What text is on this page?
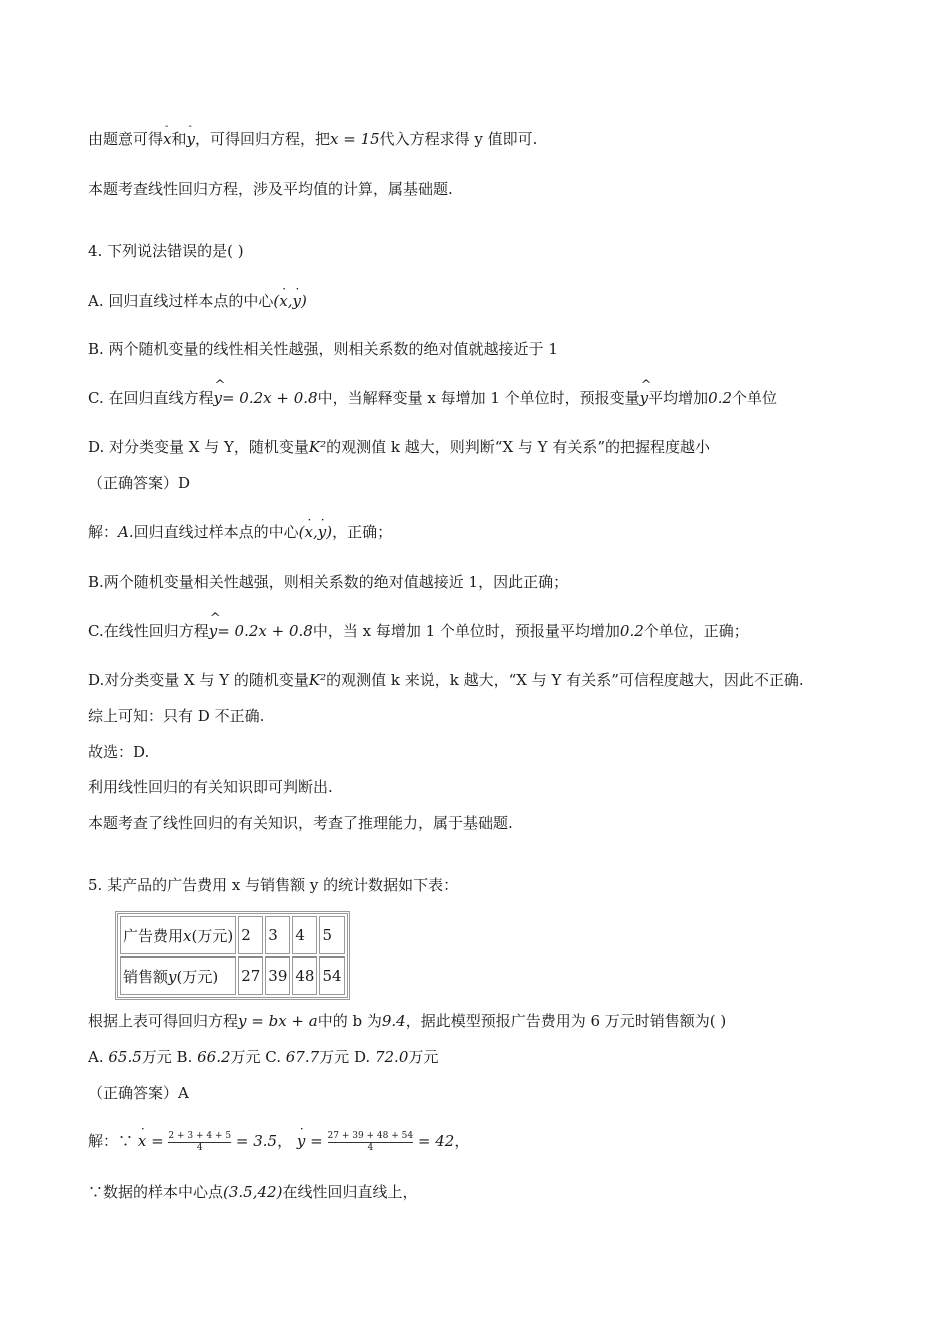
由题意可得- x和- y，可得回归方程，把x = 15代入方程求得 y 值即可.
本题考查线性回归方程，涉及平均值的计算，属基础题.
4. 下列说法错误的是( )
A. 回归直线过样本点的中心(· x,· y)
B. 两个随机变量的线性相关性越强，则相关系数的绝对值就越接近于 1
C. 在回归直线方程^ y= 0.2x + 0.8中，当解释变量 x 每增加 1 个单位时，预报变量^ y平均增加0.2个单位
D. 对分类变量 X 与 Y，随机变量K²的观测值 k 越大，则判断“X 与 Y 有关系”的把握程度越小
（正确答案）D
解：A.回归直线过样本点的中心(· x,· y)，正确；
B.两个随机变量相关性越强，则相关系数的绝对值越接近 1，因此正确；
C.在线性回归方程^ y= 0.2x + 0.8中，当 x 每增加 1 个单位时，预报量平均增加0.2个单位，正确；
D.对分类变量 X 与 Y 的随机变量K²的观测值 k 来说，k 越大，“X 与 Y 有关系”可信程度越大，因此不正确.
综上可知：只有 D 不正确.
故选：D.
利用线性回归的有关知识即可判断出.
本题考查了线性回归的有关知识，考查了推理能力，属于基础题.
5. 某产品的广告费用 x 与销售额 y 的统计数据如下表：
广告费用x(万元)	2	3	4	5
销售额y(万元)	27	39	48	54
根据上表可得回归方程y = bx + a中的 b 为9.4，据此模型预报广告费用为 6 万元时销售额为( )
A. 65.5万元 B. 66.2万元 C. 67.7万元 D. 72.0万元
（正确答案）A
解：∵ · $x = \frac{2 + 3 + 4 + 5}{4} = 3.5$， · $y = \frac{27 + 39 + 48 + 54}{4} = 42$，
∵数据的样本中心点(3.5,42)在线性回归直线上，
